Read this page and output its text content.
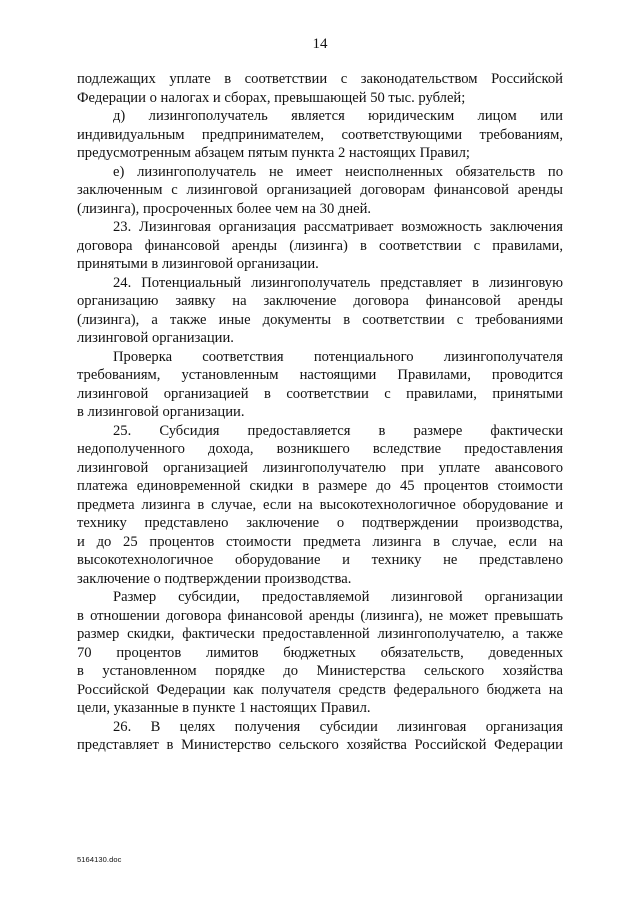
14
подлежащих уплате в соответствии с законодательством Российской
Федерации о налогах и сборах, превышающей 50 тыс. рублей;
д) лизингополучатель является юридическим лицом или
индивидуальным предпринимателем, соответствующими требованиям,
предусмотренным абзацем пятым пункта 2 настоящих Правил;
е) лизингополучатель не имеет неисполненных обязательств по
заключенным с лизинговой организацией договорам финансовой аренды
(лизинга), просроченных более чем на 30 дней.
23. Лизинговая организация рассматривает возможность заключения
договора финансовой аренды (лизинга) в соответствии с правилами,
принятыми в лизинговой организации.
24. Потенциальный лизингополучатель представляет в лизинговую
организацию заявку на заключение договора финансовой аренды
(лизинга), а также иные документы в соответствии с требованиями
лизинговой организации.
Проверка соответствия потенциального лизингополучателя
требованиям, установленным настоящими Правилами, проводится
лизинговой организацией в соответствии с правилами, принятыми
в лизинговой организации.
25. Субсидия предоставляется в размере фактически
недополученного дохода, возникшего вследствие предоставления
лизинговой организацией лизингополучателю при уплате авансового
платежа единовременной скидки в размере до 45 процентов стоимости
предмета лизинга в случае, если на высокотехнологичное оборудование и
технику представлено заключение о подтверждении производства,
и до 25 процентов стоимости предмета лизинга в случае, если на
высокотехнологичное оборудование и технику не представлено
заключение о подтверждении производства.
Размер субсидии, предоставляемой лизинговой организации
в отношении договора финансовой аренды (лизинга), не может превышать
размер скидки, фактически предоставленной лизингополучателю, а также
70 процентов лимитов бюджетных обязательств, доведенных
в установленном порядке до Министерства сельского хозяйства
Российской Федерации как получателя средств федерального бюджета на
цели, указанные в пункте 1 настоящих Правил.
26. В целях получения субсидии лизинговая организация
представляет в Министерство сельского хозяйства Российской Федерации
5164130.doc
